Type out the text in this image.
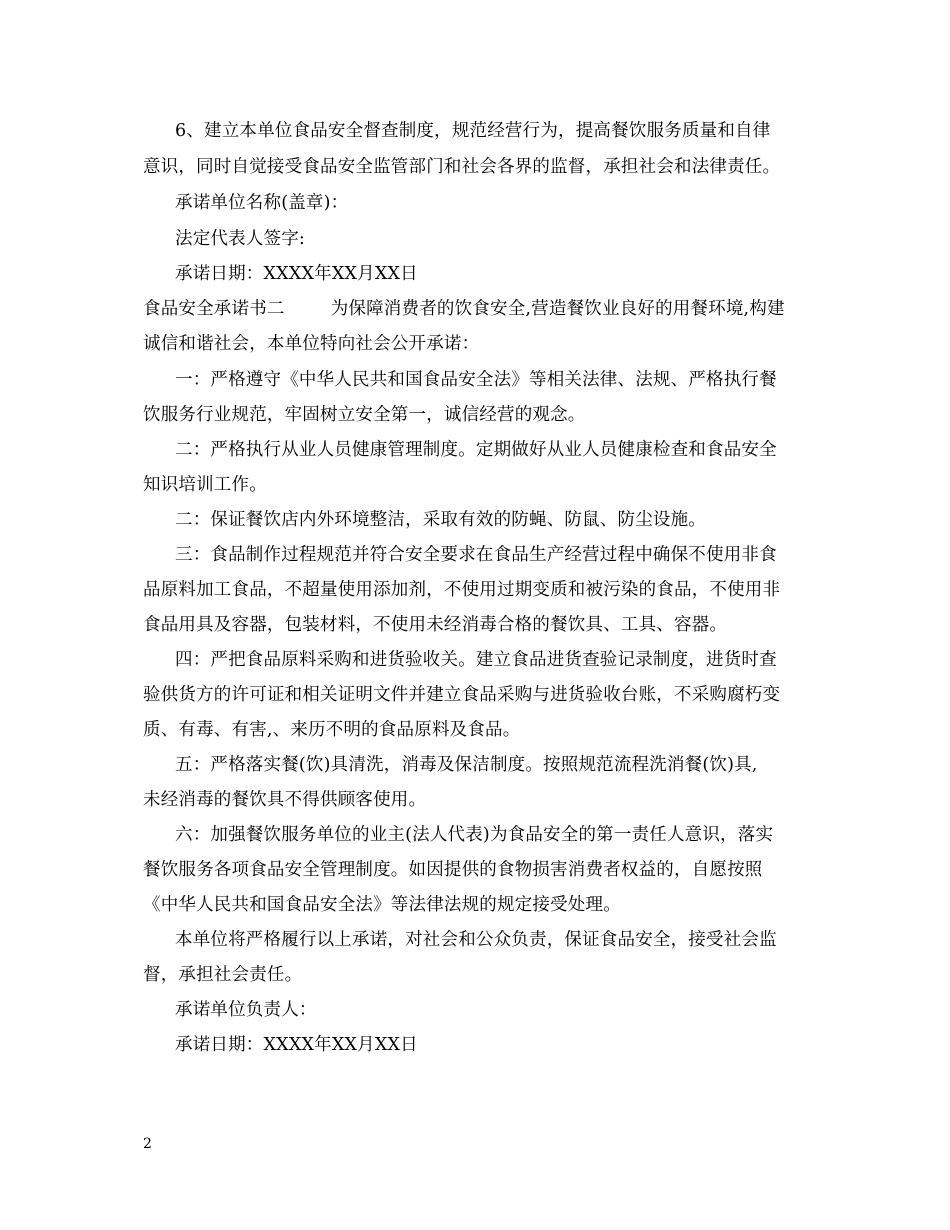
6、建立本单位食品安全督查制度，规范经营行为，提高餐饮服务质量和自律
意识，同时自觉接受食品安全监管部门和社会各界的监督，承担社会和法律责任。
承诺单位名称(盖章)：
法定代表人签字:
承诺日期：XXXX年XX月XX日
食品安全承诺书二        为保障消费者的饮食安全,营造餐饮业良好的用餐环境,构建
诚信和谐社会，本单位特向社会公开承诺：
一：严格遵守《中华人民共和国食品安全法》等相关法律、法规、严格执行餐
饮服务行业规范，牢固树立安全第一，诚信经营的观念。
二：严格执行从业人员健康管理制度。定期做好从业人员健康检查和食品安全
知识培训工作。
二：保证餐饮店内外环境整洁，采取有效的防蝇、防鼠、防尘设施。
三：食品制作过程规范并符合安全要求在食品生产经营过程中确保不使用非食
品原料加工食品，不超量使用添加剂，不使用过期变质和被污染的食品，不使用非
食品用具及容器，包装材料，不使用未经消毒合格的餐饮具、工具、容器。
四：严把食品原料采购和进货验收关。建立食品进货查验记录制度，进货时查
验供货方的许可证和相关证明文件并建立食品采购与进货验收台账，不采购腐朽变
质、有毒、有害,、来历不明的食品原料及食品。
五：严格落实餐(饮)具清洗，消毒及保洁制度。按照规范流程洗消餐(饮)具,
未经消毒的餐饮具不得供顾客使用。
六：加强餐饮服务单位的业主(法人代表)为食品安全的第一责任人意识，落实
餐饮服务各项食品安全管理制度。如因提供的食物损害消费者权益的，自愿按照
《中华人民共和国食品安全法》等法律法规的规定接受处理。
本单位将严格履行以上承诺，对社会和公众负责，保证食品安全，接受社会监
督，承担社会责任。
承诺单位负责人：
承诺日期：XXXX年XX月XX日
2
